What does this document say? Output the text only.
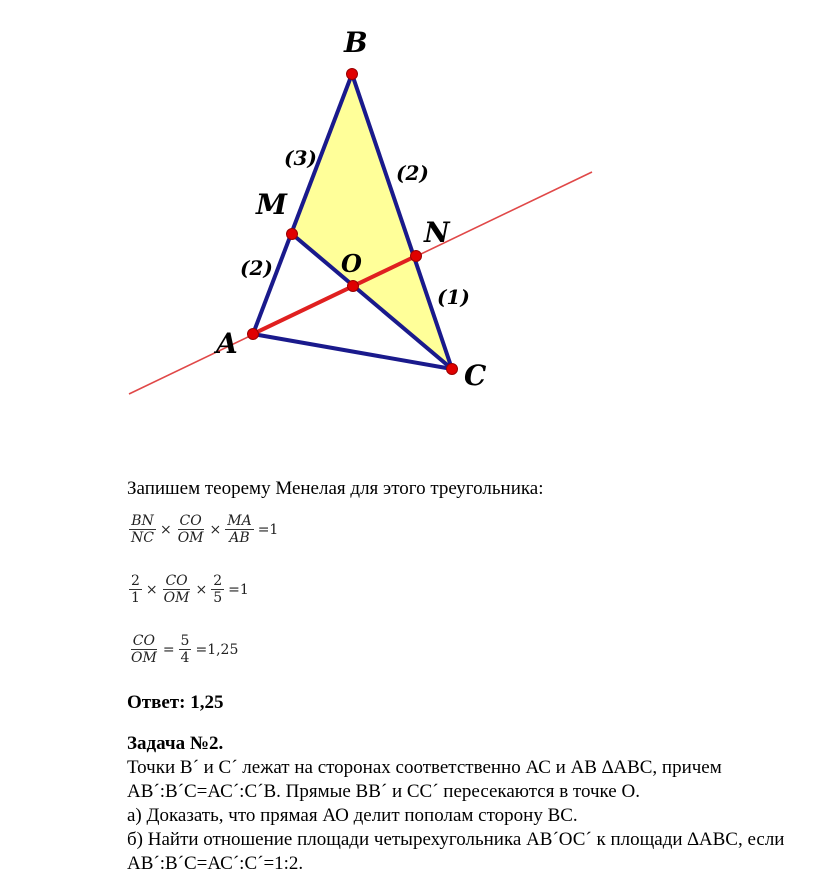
B
M
N
O
A
C
(3)
(2)
(2)
(1)
Запишем теорему Менелая для этого треугольника:
$\frac{BN}{NC} \times \frac{CO}{OM} \times \frac{MA}{AB} =1$
$\frac{2}{1} \times \frac{CO}{OM} \times \frac{2}{5} =1$
$\frac{CO}{OM} = \frac{5}{4} =1,25$
Ответ: 1,25
Задача №2.
Точки B´ и C´ лежат на сторонах соответственно АС и АВ ∆АВС, причем
АВ´:В´С=АС´:С´В. Прямые ВВ´ и СС´ пересекаются в точке О.
а) Доказать, что прямая АО делит пополам сторону ВС.
б) Найти отношение площади четырехугольника АВ´ОС´ к площади ∆АВС, если
АВ´:В´С=АС´:С´=1:2.
